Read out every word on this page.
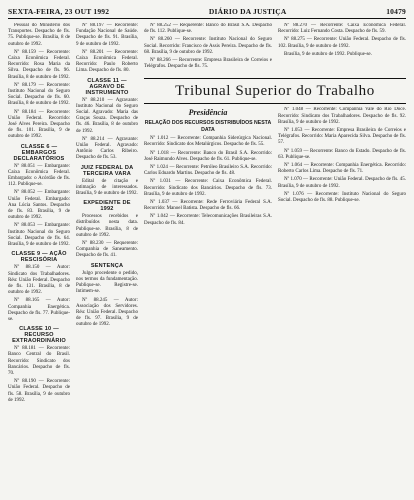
SEXTA-FEIRA, 23 OUT 1992	DIÁRIO DA JUSTIÇA	10479

Pessoal do Ministério dos Transportes. Despacho de fls. 75. Publique-se. Brasília, 8 de outubro de 1992.

Nº 88.159 — Recorrente: Caixa Econômica Federal. Recorrido: Rosa Maria da Silva. Despacho de fls. 96. Brasília, 8 de outubro de 1992.

Nº 88.179 — Recorrente: Instituto Nacional do Seguro Social. Despacho de fls. 60. Brasília, 8 de outubro de 1992.

Nº 88.184 — Recorrente: União Federal. Recorrido: José Alves Pereira. Despacho de fls. 101. Brasília, 9 de outubro de 1992.

CLASSE 6 — EMBARGOS DECLARATÓRIOS

Nº 88.051 — Embargante: Caixa Econômica Federal. Embargado: o Acórdão de fls. 112. Publique-se.

Nº 88.052 — Embargante: União Federal. Embargado: Ana Lúcia Santos. Despacho de fls. 83. Brasília, 9 de outubro de 1992.

Nº 88.053 — Embargante: Instituto Nacional do Seguro Social. Despacho de fls. 64. Brasília, 9 de outubro de 1992.

CLASSE 9 — AÇÃO RESCISÓRIA

Nº 88.150 — Autor: Sindicato dos Trabalhadores. Réu: União Federal. Despacho de fls. 131. Brasília, 8 de outubro de 1992.

Nº 88.165 — Autor: Companhia Energética. Despacho de fls. 77. Publique-se.

CLASSE 10 — RECURSO EXTRAORDINÁRIO

Nº 88.181 — Recorrente: Banco Central do Brasil. Recorrido: Sindicato dos Bancários. Despacho de fls. 70.

Nº 88.190 — Recorrente: União Federal. Despacho de fls. 58. Brasília, 9 de outubro de 1992.

Nº 88.197 — Recorrente: Fundação Nacional de Saúde. Despacho de fls. 91. Brasília, 9 de outubro de 1992.

Nº 88.201 — Recorrente: Caixa Econômica Federal. Recorrido: Paulo Roberto Lima. Despacho de fls. 80.

CLASSE 11 — AGRAVO DE INSTRUMENTO

Nº 88.210 — Agravante: Instituto Nacional do Seguro Social. Agravado: Maria das Graças Souza. Despacho de fls. 46. Brasília, 8 de outubro de 1992.

Nº 88.214 — Agravante: União Federal. Agravado: Antônio Carlos Ribeiro. Despacho de fls. 53.

JUIZ FEDERAL DA TERCEIRA VARA

Edital de citação e intimação de interessados. Brasília, 9 de outubro de 1992.

EXPEDIENTE DE 1992

Processos recebidos e distribuídos nesta data. Publique-se. Brasília, 8 de outubro de 1992.

Nº 88.230 — Requerente: Companhia de Saneamento. Despacho de fls. 41.

SENTENÇA

Julgo procedente o pedido, nos termos da fundamentação. Publique-se. Registre-se. Intimem-se.

Nº 88.245 — Autor: Associação dos Servidores. Réu: União Federal. Despacho de fls. 97. Brasília, 9 de outubro de 1992.

Nº 88.252 — Requerente: Banco do Brasil S.A. Despacho de fls. 112. Publique-se.

Nº 88.260 — Recorrente: Instituto Nacional do Seguro Social. Recorrido: Francisco de Assis Pereira. Despacho de fls. 68. Brasília, 9 de outubro de 1992.

Nº 88.266 — Recorrente: Empresa Brasileira de Correios e Telégrafos. Despacho de fls. 75.

Nº 88.270 — Recorrente: Caixa Econômica Federal. Recorrido: Luiz Fernando Costa. Despacho de fls. 59.

Nº 88.275 — Recorrente: União Federal. Despacho de fls. 102. Brasília, 9 de outubro de 1992.

Brasília, 9 de outubro de 1992. Publique-se.

Tribunal Superior do Trabalho
Presidência
RELAÇÃO DOS RECURSOS DISTRIBUÍDOS NESTA DATA

Nº 1.012 — Recorrente: Companhia Siderúrgica Nacional. Recorrido: Sindicato dos Metalúrgicos. Despacho de fls. 55.

Nº 1.018 — Recorrente: Banco do Brasil S.A. Recorrido: José Raimundo Alves. Despacho de fls. 61. Publique-se.

Nº 1.024 — Recorrente: Petróleo Brasileiro S.A. Recorrido: Carlos Eduardo Martins. Despacho de fls. 48.

Nº 1.031 — Recorrente: Caixa Econômica Federal. Recorrido: Sindicato dos Bancários. Despacho de fls. 73. Brasília, 9 de outubro de 1992.

Nº 1.037 — Recorrente: Rede Ferroviária Federal S.A. Recorrido: Manoel Batista. Despacho de fls. 66.

Nº 1.042 — Recorrente: Telecomunicações Brasileiras S.A. Despacho de fls. 84.

Nº 1.048 — Recorrente: Companhia Vale do Rio Doce. Recorrido: Sindicato dos Trabalhadores. Despacho de fls. 92. Brasília, 9 de outubro de 1992.

Nº 1.053 — Recorrente: Empresa Brasileira de Correios e Telégrafos. Recorrido: Maria Aparecida Silva. Despacho de fls. 57.

Nº 1.059 — Recorrente: Banco do Estado. Despacho de fls. 63. Publique-se.

Nº 1.064 — Recorrente: Companhia Energética. Recorrido: Roberto Carlos Lima. Despacho de fls. 71.

Nº 1.070 — Recorrente: União Federal. Despacho de fls. 45. Brasília, 9 de outubro de 1992.

Nº 1.076 — Recorrente: Instituto Nacional do Seguro Social. Despacho de fls. 88. Publique-se.
